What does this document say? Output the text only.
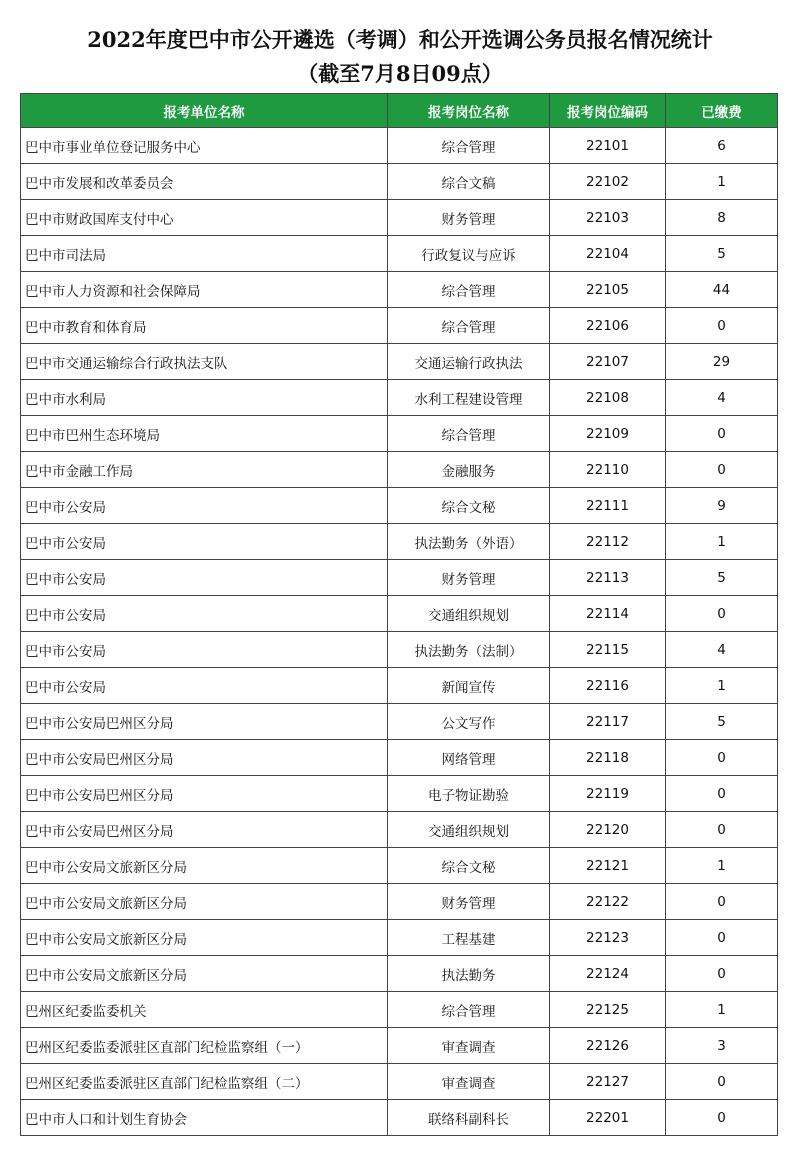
2022年度巴中市公开遴选（考调）和公开选调公务员报名情况统计
（截至7月8日09点）
报考单位名称	报考岗位名称	报考岗位编码	已缴费
巴中市事业单位登记服务中心	综合管理	22101	6
巴中市发展和改革委员会	综合文稿	22102	1
巴中市财政国库支付中心	财务管理	22103	8
巴中市司法局	行政复议与应诉	22104	5
巴中市人力资源和社会保障局	综合管理	22105	44
巴中市教育和体育局	综合管理	22106	0
巴中市交通运输综合行政执法支队	交通运输行政执法	22107	29
巴中市水利局	水利工程建设管理	22108	4
巴中市巴州生态环境局	综合管理	22109	0
巴中市金融工作局	金融服务	22110	0
巴中市公安局	综合文秘	22111	9
巴中市公安局	执法勤务（外语）	22112	1
巴中市公安局	财务管理	22113	5
巴中市公安局	交通组织规划	22114	0
巴中市公安局	执法勤务（法制）	22115	4
巴中市公安局	新闻宣传	22116	1
巴中市公安局巴州区分局	公文写作	22117	5
巴中市公安局巴州区分局	网络管理	22118	0
巴中市公安局巴州区分局	电子物证勘验	22119	0
巴中市公安局巴州区分局	交通组织规划	22120	0
巴中市公安局文旅新区分局	综合文秘	22121	1
巴中市公安局文旅新区分局	财务管理	22122	0
巴中市公安局文旅新区分局	工程基建	22123	0
巴中市公安局文旅新区分局	执法勤务	22124	0
巴州区纪委监委机关	综合管理	22125	1
巴州区纪委监委派驻区直部门纪检监察组（一）	审查调查	22126	3
巴州区纪委监委派驻区直部门纪检监察组（二）	审查调查	22127	0
巴中市人口和计划生育协会	联络科副科长	22201	0
